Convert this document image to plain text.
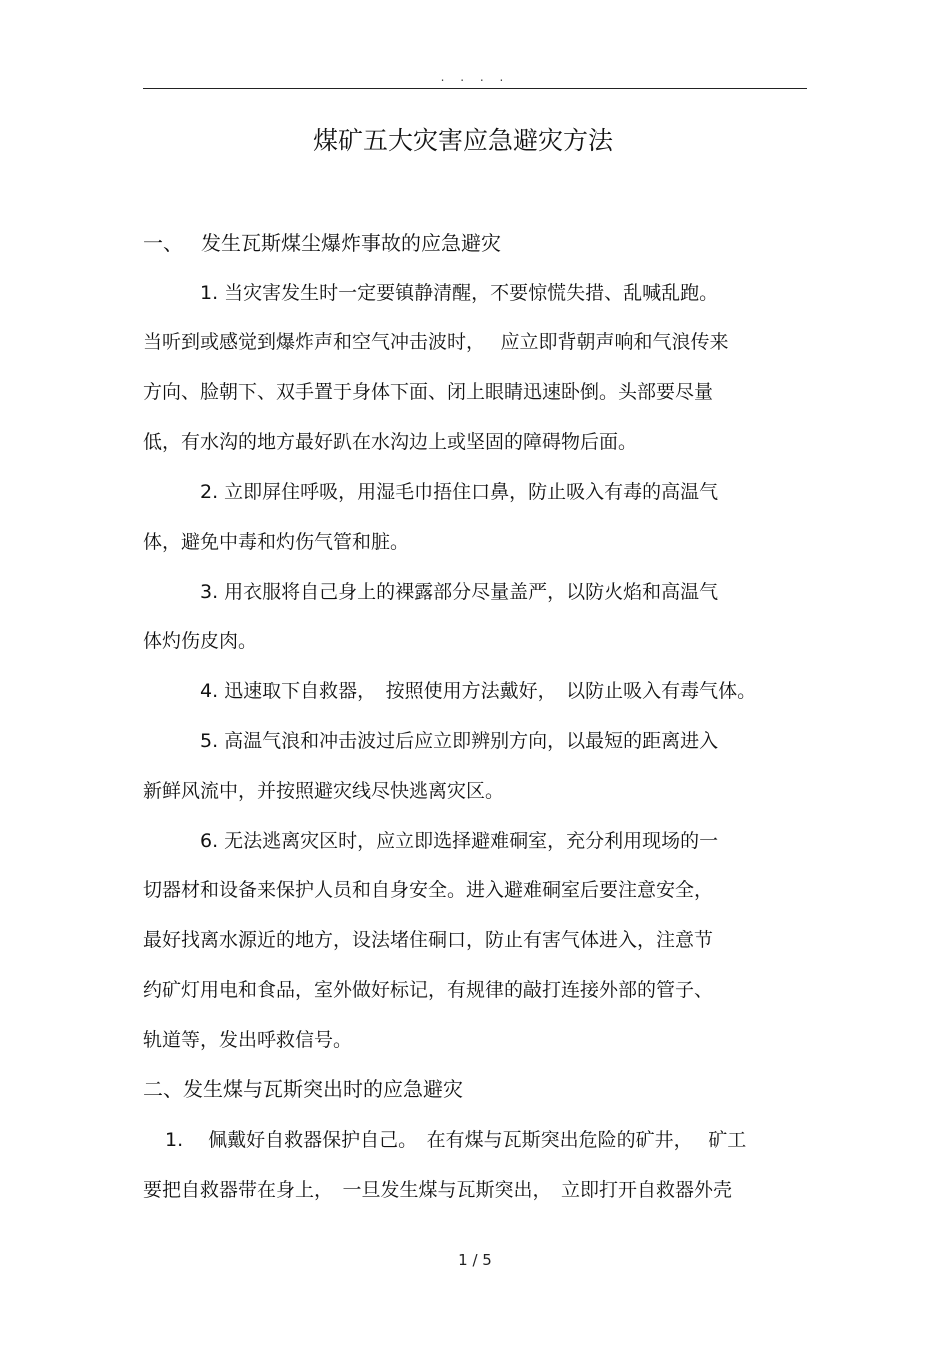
. . . .
煤矿五大灾害应急避灾方法
一、 发生瓦斯煤尘爆炸事故的应急避灾
1. 当灾害发生时一定要镇静清醒，不要惊慌失措、乱喊乱跑。
当听到或感觉到爆炸声和空气冲击波时，　 应立即背朝声响和气浪传来
方向、脸朝下、双手置于身体下面、闭上眼睛迅速卧倒。头部要尽量
低，有水沟的地方最好趴在水沟边上或坚固的障碍物后面。
2. 立即屏住呼吸，用湿毛巾捂住口鼻，防止吸入有毒的高温气
体，避免中毒和灼伤气管和脏。
3. 用衣服将自己身上的裸露部分尽量盖严，以防火焰和高温气
体灼伤皮肉。
4. 迅速取下自救器，　按照使用方法戴好，　以防止吸入有毒气体。
5. 高温气浪和冲击波过后应立即辨别方向，以最短的距离进入
新鲜风流中，并按照避灾线尽快逃离灾区。
6. 无法逃离灾区时，应立即选择避难硐室，充分利用现场的一
切器材和设备来保护人员和自身安全。进入避难硐室后要注意安全，
最好找离水源近的地方，设法堵住硐口，防止有害气体进入，注意节
约矿灯用电和食品，室外做好标记，有规律的敲打连接外部的管子、
轨道等，发出呼救信号。
二、发生煤与瓦斯突出时的应急避灾
1.　 佩戴好自救器保护自己。　在有煤与瓦斯突出危险的矿井，　 矿工
要把自救器带在身上，　一旦发生煤与瓦斯突出，　立即打开自救器外壳
1 / 5
